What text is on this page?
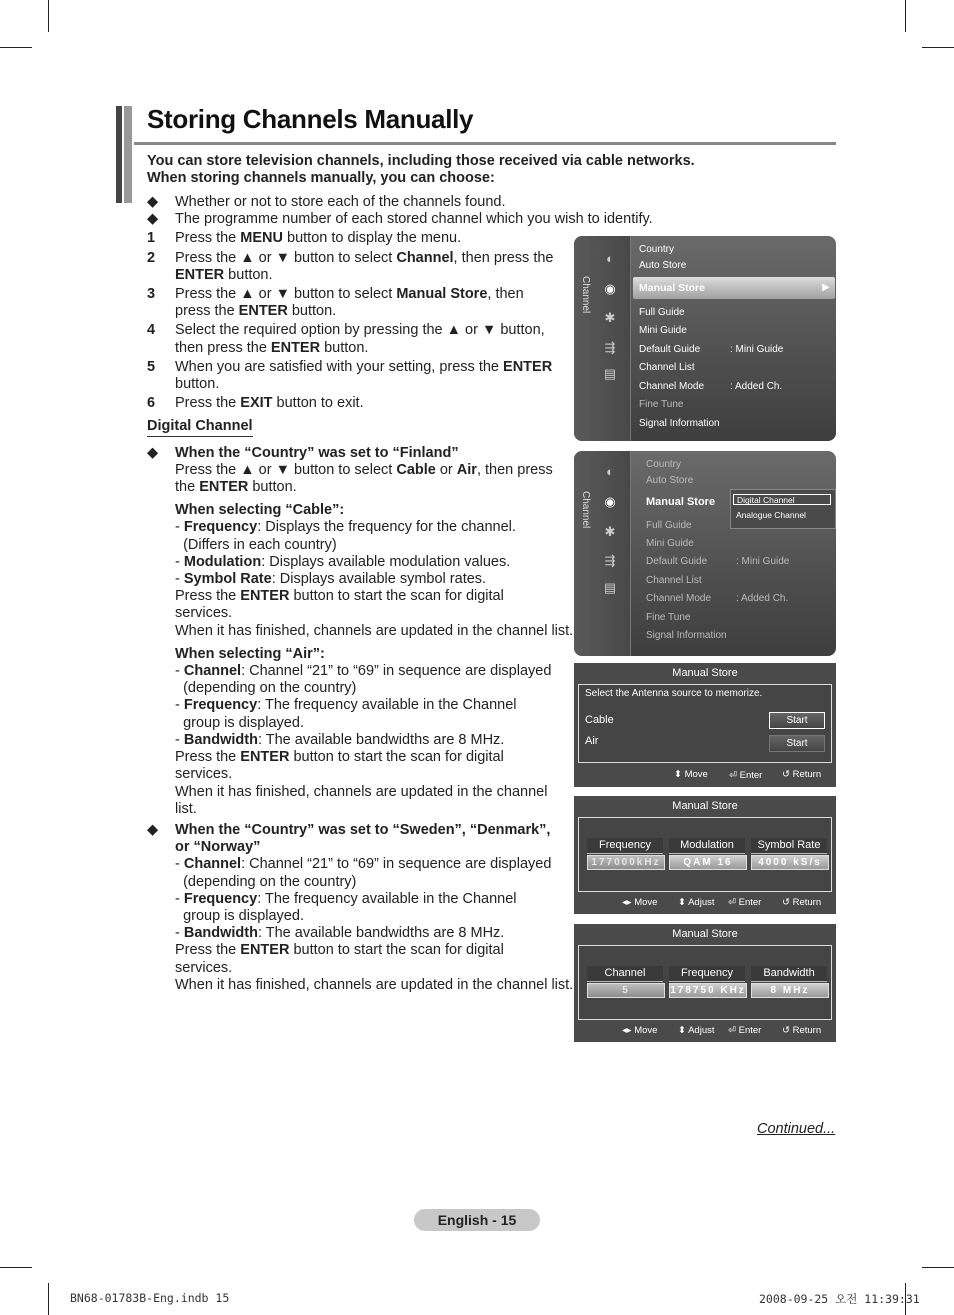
Storing Channels Manually
You can store television channels, including those received via cable networks.
When storing channels manually, you can choose:
◆ Whether or not to store each of the channels found.
◆ The programme number of each stored channel which you wish to identify.
1 Press the MENU button to display the menu.
2 Press the ▲ or ▼ button to select Channel, then press the
ENTER button.
3 Press the ▲ or ▼ button to select Manual Store, then
press the ENTER button.
4 Select the required option by pressing the ▲ or ▼ button,
then press the ENTER button.
5 When you are satisfied with your setting, press the ENTER
button.
6 Press the EXIT button to exit.
Digital Channel
◆ When the “Country” was set to “Finland”
Press the ▲ or ▼ button to select Cable or Air, then press
the ENTER button.
When selecting “Cable”:
- Frequency: Displays the frequency for the channel.
(Differs in each country)
- Modulation: Displays available modulation values.
- Symbol Rate: Displays available symbol rates.
Press the ENTER button to start the scan for digital
services.
When it has finished, channels are updated in the channel list.
When selecting “Air”:
- Channel: Channel “21” to “69” in sequence are displayed
(depending on the country)
- Frequency: The frequency available in the Channel
group is displayed.
- Bandwidth: The available bandwidths are 8 MHz.
Press the ENTER button to start the scan for digital
services.
When it has finished, channels are updated in the channel
list.
◆ When the “Country” was set to “Sweden”, “Denmark”,
or “Norway”
- Channel: Channel “21” to “69” in sequence are displayed
(depending on the country)
- Frequency: The frequency available in the Channel
group is displayed.
- Bandwidth: The available bandwidths are 8 MHz.
Press the ENTER button to start the scan for digital
services.
When it has finished, channels are updated in the channel list.
Channel
◐
◉
✱
⇶
▤
Country
Auto Store
Manual Store	▶
Full Guide
Mini Guide
Default Guide	: Mini Guide
Channel List
Channel Mode	: Added Ch.
Fine Tune
Signal Information
Channel
◐
◉
✱
⇶
▤
Country
Auto Store
Manual Store	Digital Channel
Analogue Channel
Full Guide
Mini Guide
Default Guide	: Mini Guide
Channel List
Channel Mode : Added Ch.
Fine Tune
Signal Information
Manual Store
Select the Antenna source to memorize.
Cable	Start
Air	Start
⬍ Move ⏎ Enter ↺ Return
Manual Store
Frequency	Modulation	Symbol Rate
177000kHz	QAM 16	4000 kS/s
◂▸ Move ⬍ Adjust ⏎ Enter ↺ Return
Manual Store
Channel	Frequency	Bandwidth
5	178750 KHz	8 MHz
◂▸ Move ⬍ Adjust ⏎ Enter ↺ Return
Continued...
English - 15
BN68-01783B-Eng.indb 15	2008-09-25 오전 11:39:31
